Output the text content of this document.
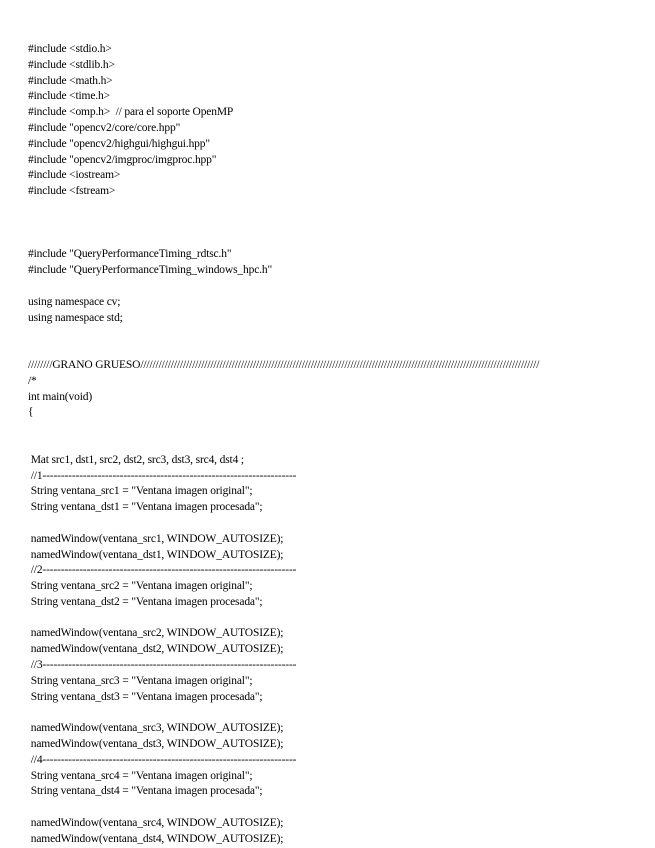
#include <stdio.h>
#include <stdlib.h>
#include <math.h>
#include <time.h>
#include <omp.h>  // para el soporte OpenMP
#include "opencv2/core/core.hpp"
#include "opencv2/highgui/highgui.hpp"
#include "opencv2/imgproc/imgproc.hpp"
#include <iostream>
#include <fstream>
#include "QueryPerformanceTiming_rdtsc.h"
#include "QueryPerformanceTiming_windows_hpc.h"
using namespace cv;
using namespace std;
////////GRANO GRUESO///////////////////////////////////////////////////////////////////////////////////////////////////////////////////////////////////
/*
int main(void)
{
Mat src1, dst1, src2, dst2, src3, dst3, src4, dst4 ;
//1---------------------------------------------------------------------
String ventana_src1 = "Ventana imagen original";
String ventana_dst1 = "Ventana imagen procesada";
namedWindow(ventana_src1, WINDOW_AUTOSIZE);
namedWindow(ventana_dst1, WINDOW_AUTOSIZE);
//2---------------------------------------------------------------------
String ventana_src2 = "Ventana imagen original";
String ventana_dst2 = "Ventana imagen procesada";
namedWindow(ventana_src2, WINDOW_AUTOSIZE);
namedWindow(ventana_dst2, WINDOW_AUTOSIZE);
//3---------------------------------------------------------------------
String ventana_src3 = "Ventana imagen original";
String ventana_dst3 = "Ventana imagen procesada";
namedWindow(ventana_src3, WINDOW_AUTOSIZE);
namedWindow(ventana_dst3, WINDOW_AUTOSIZE);
//4---------------------------------------------------------------------
String ventana_src4 = "Ventana imagen original";
String ventana_dst4 = "Ventana imagen procesada";
namedWindow(ventana_src4, WINDOW_AUTOSIZE);
namedWindow(ventana_dst4, WINDOW_AUTOSIZE);
